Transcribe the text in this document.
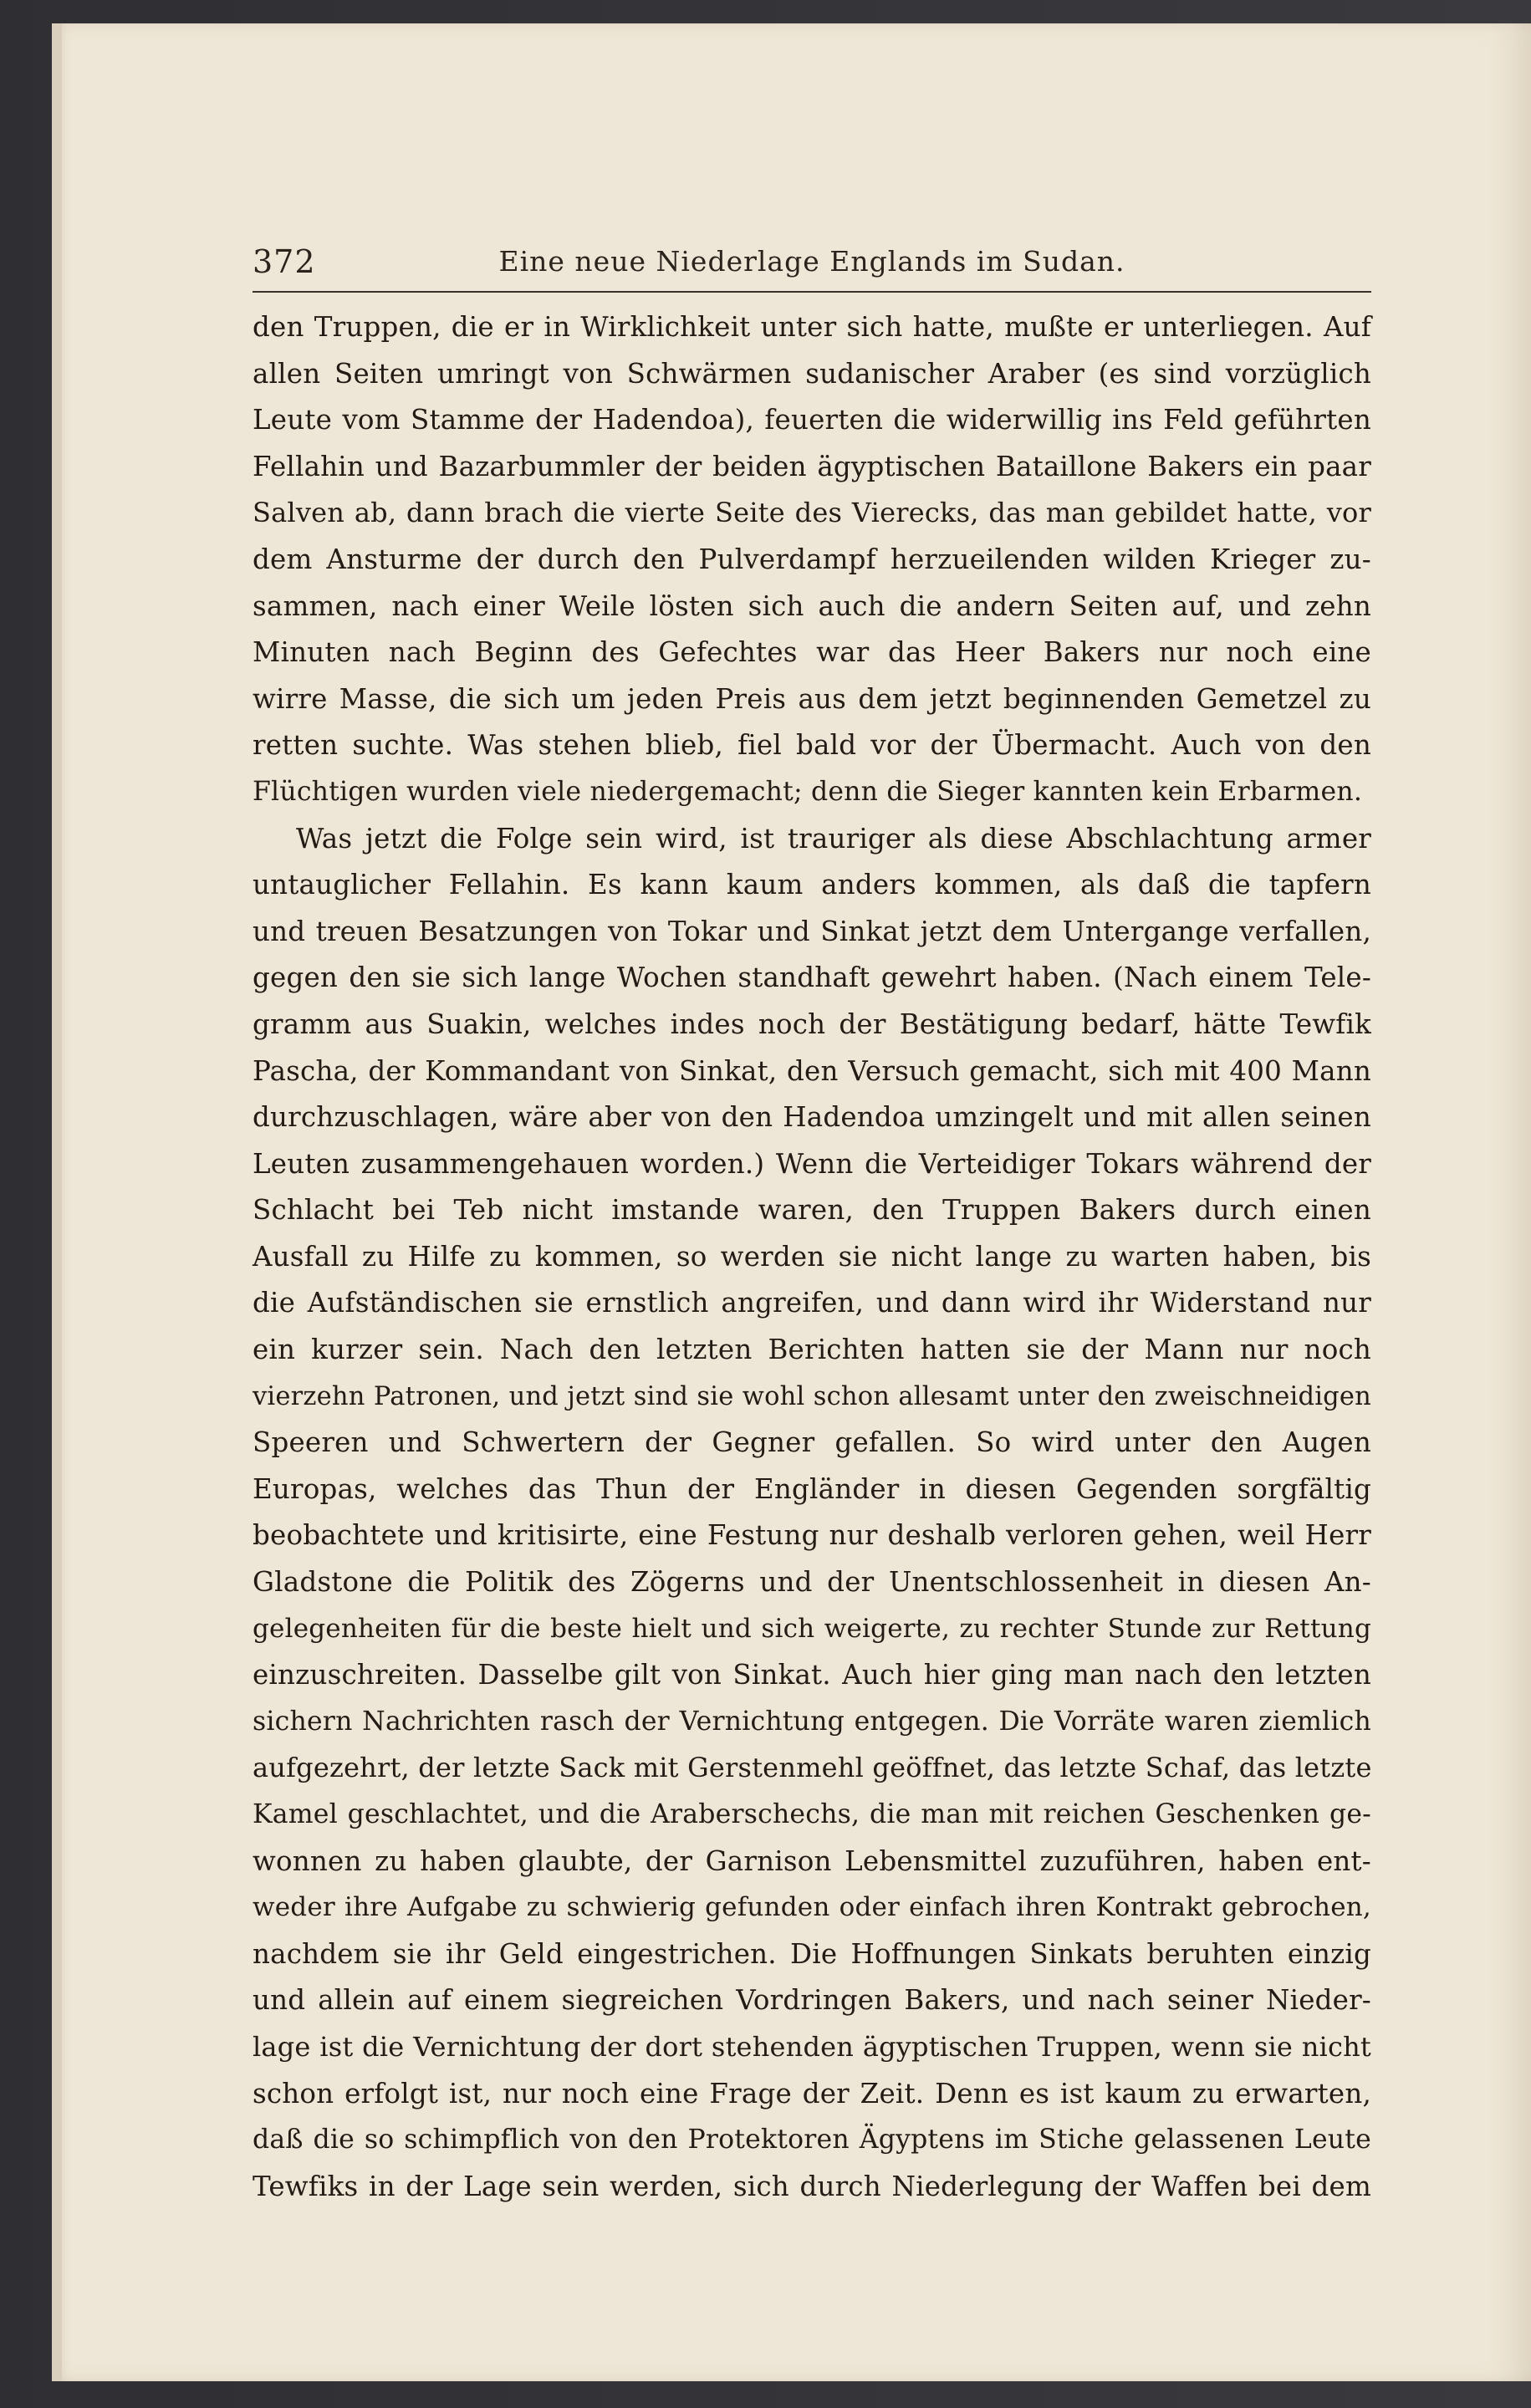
372	Eine neue Niederlage Englands im Sudan.
den Truppen, die er in Wirklichkeit unter sich hatte, mußte er unterliegen. Auf
allen Seiten umringt von Schwärmen sudanischer Araber (es sind vorzüglich
Leute vom Stamme der Hadendoa), feuerten die widerwillig ins Feld geführten
Fellahin und Bazarbummler der beiden ägyptischen Bataillone Bakers ein paar
Salven ab, dann brach die vierte Seite des Vierecks, das man gebildet hatte, vor
dem Ansturme der durch den Pulverdampf herzueilenden wilden Krieger zu-
sammen, nach einer Weile lösten sich auch die andern Seiten auf, und zehn
Minuten nach Beginn des Gefechtes war das Heer Bakers nur noch eine
wirre Masse, die sich um jeden Preis aus dem jetzt beginnenden Gemetzel zu
retten suchte. Was stehen blieb, fiel bald vor der Übermacht. Auch von den
Flüchtigen wurden viele niedergemacht; denn die Sieger kannten kein Erbarmen.
Was jetzt die Folge sein wird, ist trauriger als diese Abschlachtung armer
untauglicher Fellahin. Es kann kaum anders kommen, als daß die tapfern
und treuen Besatzungen von Tokar und Sinkat jetzt dem Untergange verfallen,
gegen den sie sich lange Wochen standhaft gewehrt haben. (Nach einem Tele-
gramm aus Suakin, welches indes noch der Bestätigung bedarf, hätte Tewfik
Pascha, der Kommandant von Sinkat, den Versuch gemacht, sich mit 400 Mann
durchzuschlagen, wäre aber von den Hadendoa umzingelt und mit allen seinen
Leuten zusammengehauen worden.) Wenn die Verteidiger Tokars während der
Schlacht bei Teb nicht imstande waren, den Truppen Bakers durch einen
Ausfall zu Hilfe zu kommen, so werden sie nicht lange zu warten haben, bis
die Aufständischen sie ernstlich angreifen, und dann wird ihr Widerstand nur
ein kurzer sein. Nach den letzten Berichten hatten sie der Mann nur noch
vierzehn Patronen, und jetzt sind sie wohl schon allesamt unter den zweischneidigen
Speeren und Schwertern der Gegner gefallen. So wird unter den Augen
Europas, welches das Thun der Engländer in diesen Gegenden sorgfältig
beobachtete und kritisirte, eine Festung nur deshalb verloren gehen, weil Herr
Gladstone die Politik des Zögerns und der Unentschlossenheit in diesen An-
gelegenheiten für die beste hielt und sich weigerte, zu rechter Stunde zur Rettung
einzuschreiten. Dasselbe gilt von Sinkat. Auch hier ging man nach den letzten
sichern Nachrichten rasch der Vernichtung entgegen. Die Vorräte waren ziemlich
aufgezehrt, der letzte Sack mit Gerstenmehl geöffnet, das letzte Schaf, das letzte
Kamel geschlachtet, und die Araberschechs, die man mit reichen Geschenken ge-
wonnen zu haben glaubte, der Garnison Lebensmittel zuzuführen, haben ent-
weder ihre Aufgabe zu schwierig gefunden oder einfach ihren Kontrakt gebrochen,
nachdem sie ihr Geld eingestrichen. Die Hoffnungen Sinkats beruhten einzig
und allein auf einem siegreichen Vordringen Bakers, und nach seiner Nieder-
lage ist die Vernichtung der dort stehenden ägyptischen Truppen, wenn sie nicht
schon erfolgt ist, nur noch eine Frage der Zeit. Denn es ist kaum zu erwarten,
daß die so schimpflich von den Protektoren Ägyptens im Stiche gelassenen Leute
Tewfiks in der Lage sein werden, sich durch Niederlegung der Waffen bei dem
